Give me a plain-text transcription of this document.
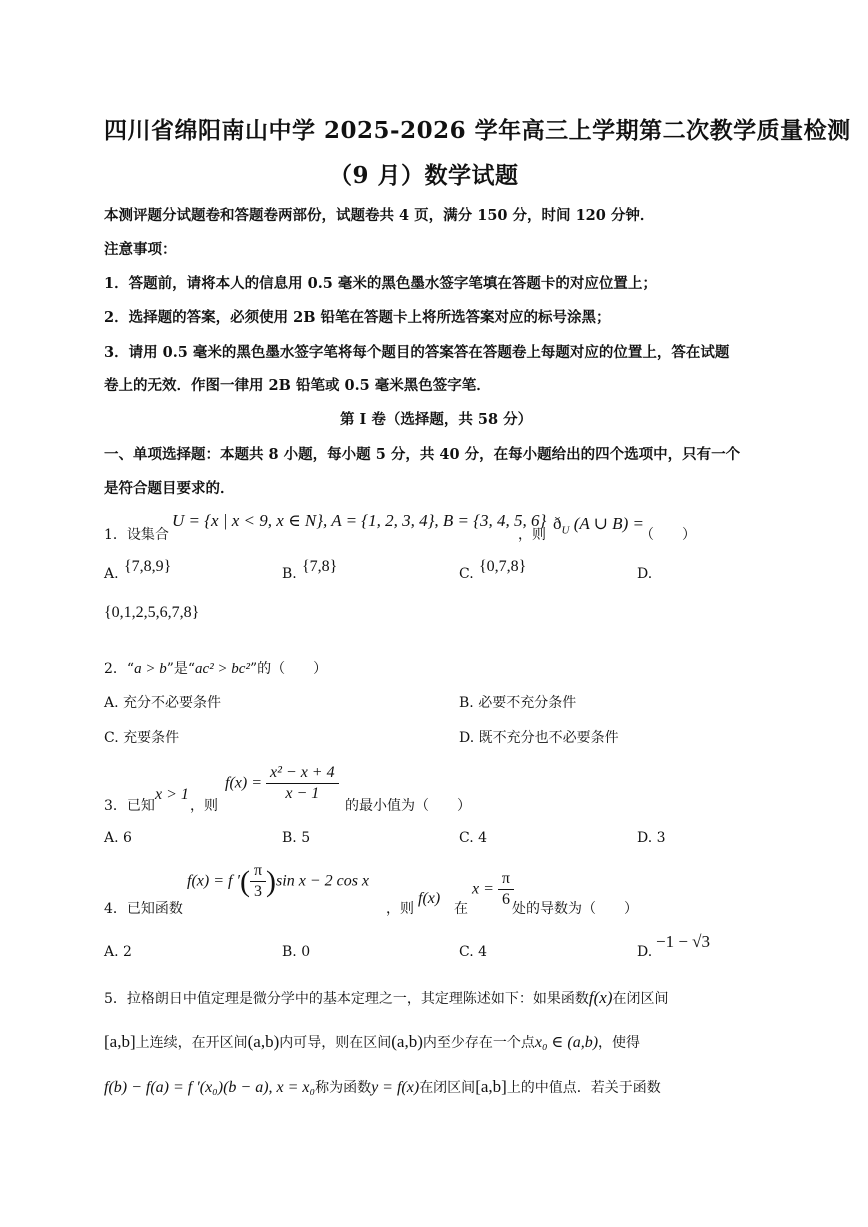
四川省绵阳南山中学 2025-2026 学年高三上学期第二次教学质量检测
（9 月）数学试题
本测评题分试题卷和答题卷两部份，试题卷共 4 页，满分 150 分，时间 120 分钟．
注意事项：
1．答题前，请将本人的信息用 0.5 毫米的黑色墨水签字笔填在答题卡的对应位置上；
2．选择题的答案，必须使用 2B 铅笔在答题卡上将所选答案对应的标号涂黑；
3．请用 0.5 毫米的黑色墨水签字笔将每个题目的答案答在答题卷上每题对应的位置上，答在试题
卷上的无效．作图一律用 2B 铅笔或 0.5 毫米黑色签字笔．
第 I 卷（选择题，共 58 分）
一、单项选择题：本题共 8 小题，每小题 5 分，共 40 分，在每小题给出的四个选项中，只有一个
是符合题目要求的．
1．设集合
U = {x | x < 9, x ∈ N}, A = {1, 2, 3, 4}, B = {3, 4, 5, 6}
，则
$ð_U$ (A ∪ B) =
（　　）
A. {7,8,9}	B. {7,8}	C. {0,7,8}	D.
{0,1,2,5,6,7,8}
2．“a > b”是“ac² > bc²”的（　　）
A. 充分不必要条件	B. 必要不充分条件
C. 充要条件	D. 既不充分也不必要条件
3．已知
x > 1
，则
$f(x) = \frac{\text{x² − x + 4}}{x - 1}$
的最小值为（　　）
A. 6	B. 5	C. 4	D. 3
4．已知函数
f(x) = f ′( $\frac{\pi}{3} )\sin$ x − 2 cos x
，则
f(x)
在
$x = \frac{\pi}{6}$
处的导数为（　　）
A. 2	B. 0	C. 4	D.
−1 − √3
5．拉格朗日中值定理是微分学中的基本定理之一，其定理陈述如下：如果函数f(x)在闭区间
[a,b]上连续，在开区间(a,b)内可导，则在区间(a,b)内至少存在一个点x₀ ∈ (a,b)，使得
f(b) − f(a) = f ′(x₀)(b − a), x = x₀称为函数y = f(x)在闭区间[a,b]上的中值点．若关于函数
